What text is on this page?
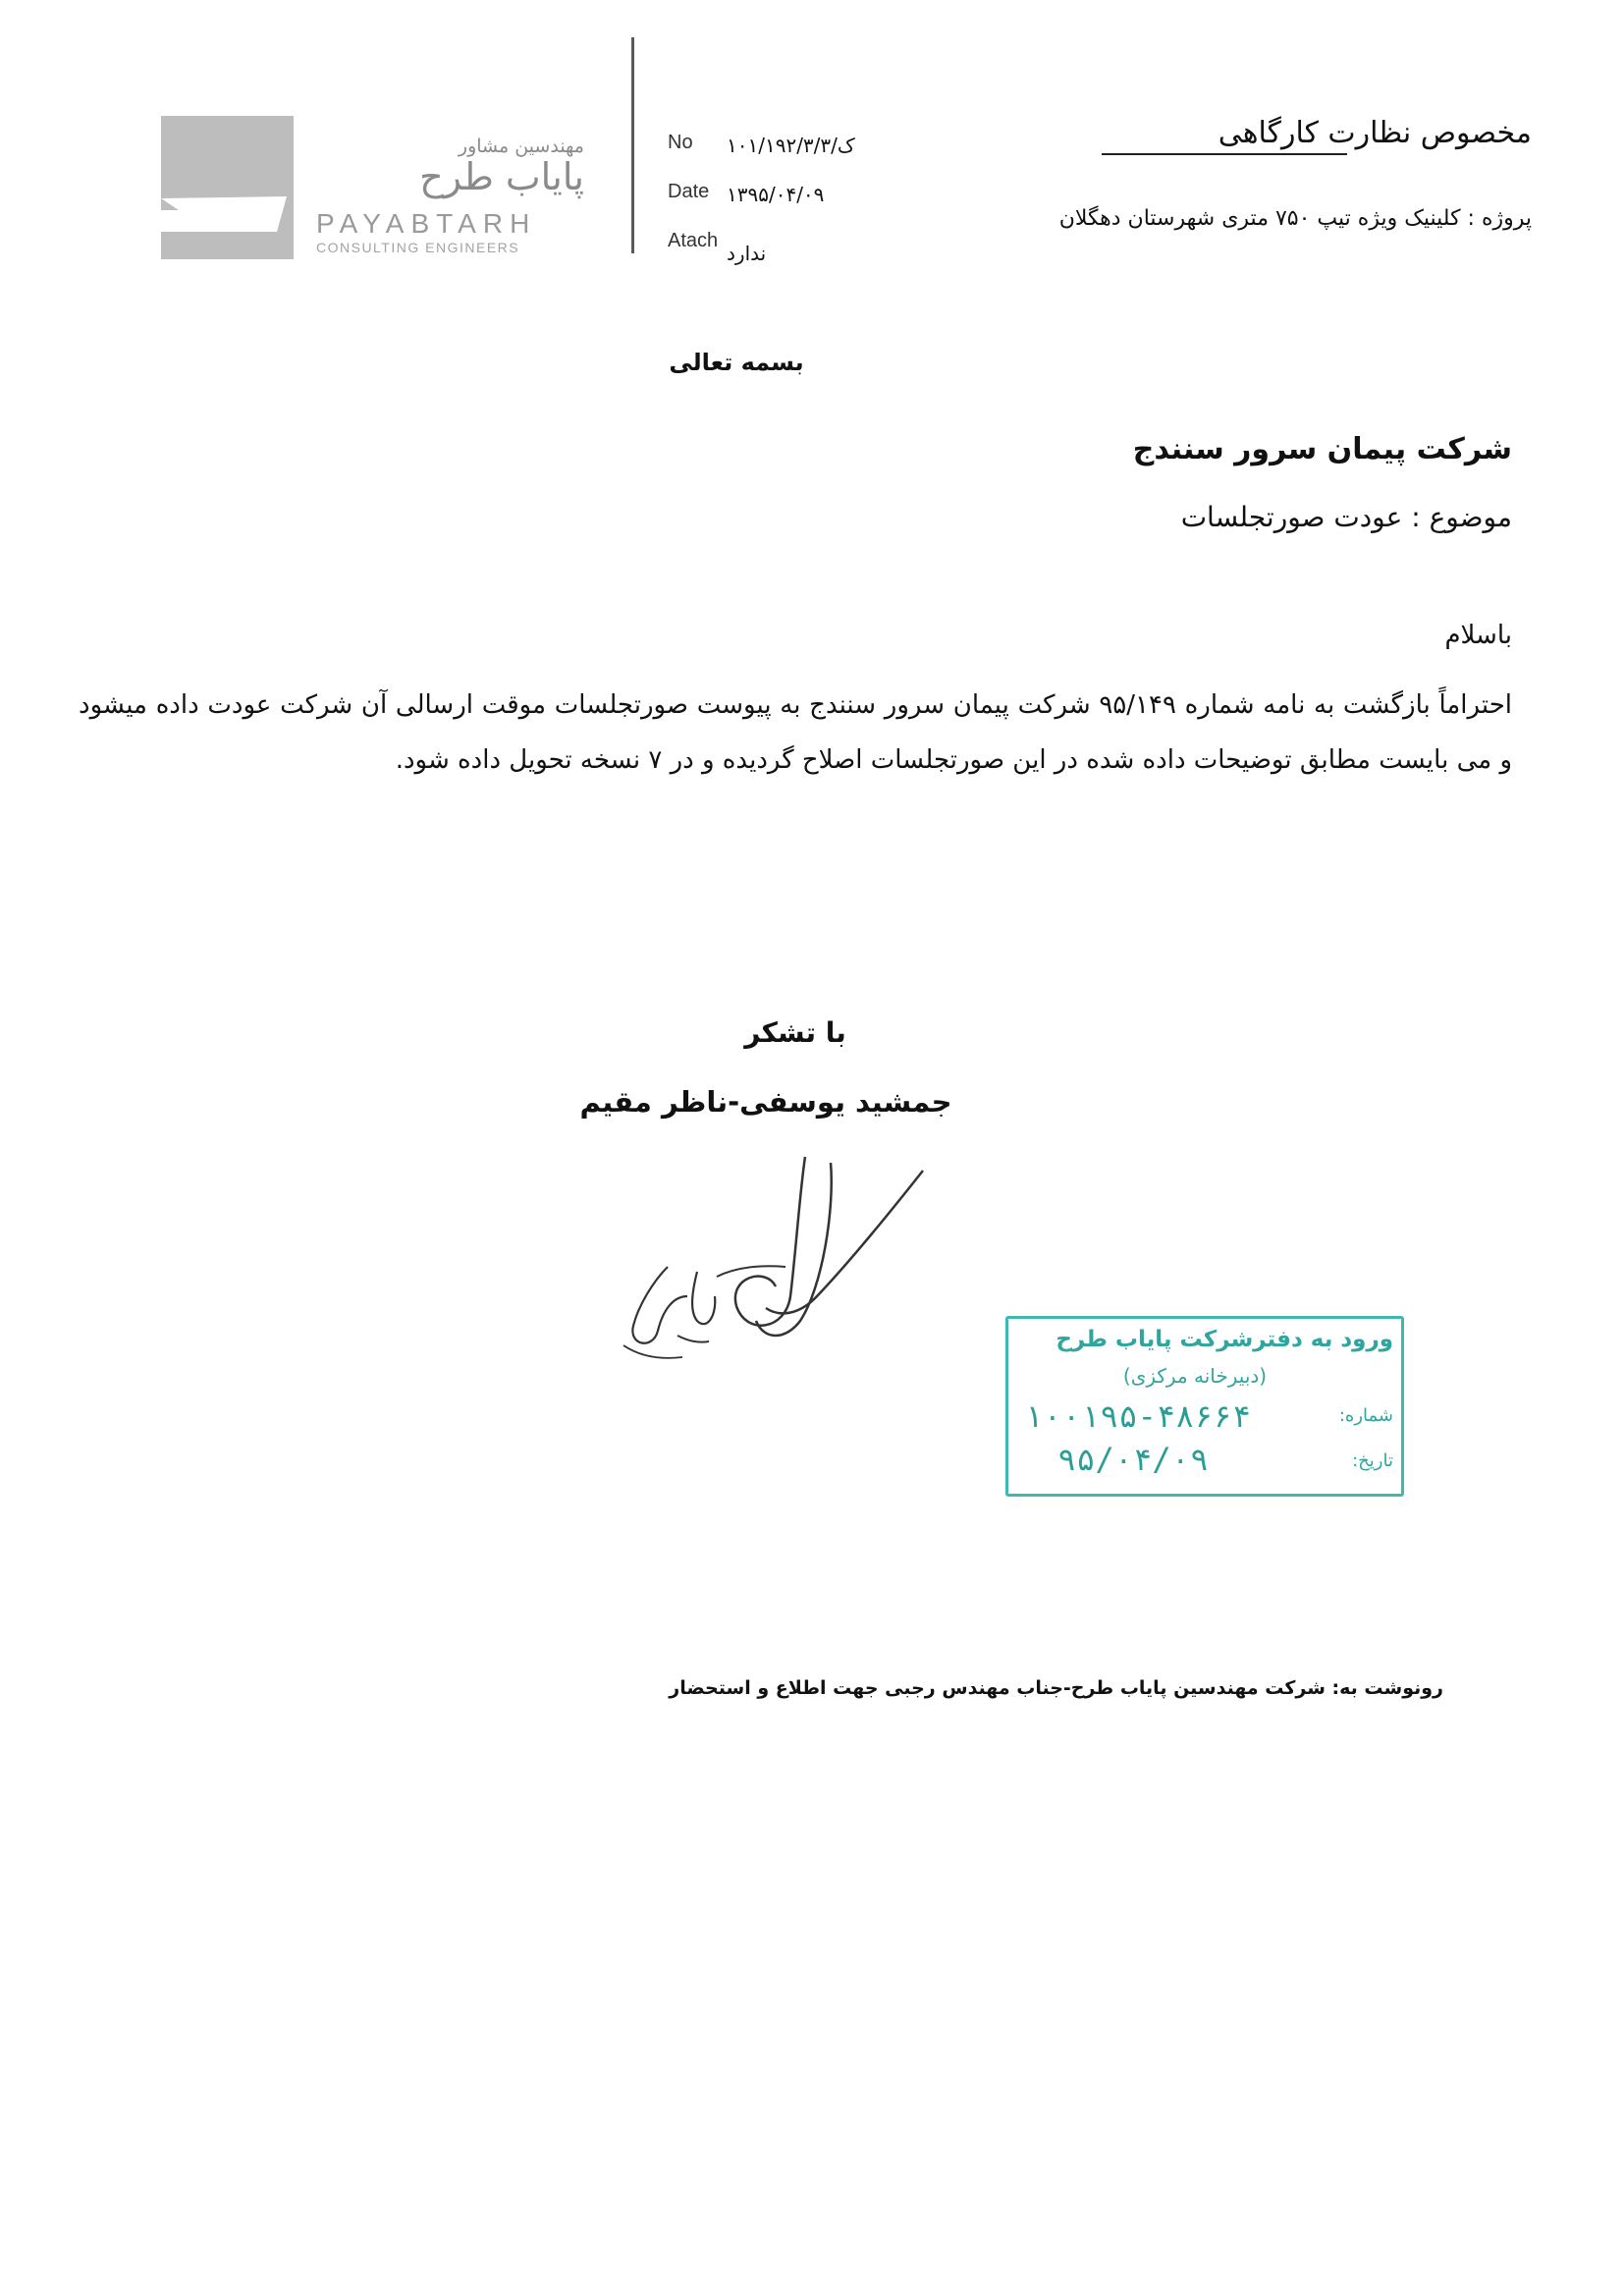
مهندسین مشاور
پایاب طرح
PAYABTARH
CONSULTING ENGINEERS
No ۱۰۱/ک/۱۹۲/۳/۳
Date ۱۳۹۵/۰۴/۰۹
Atach
ندارد
مخصوص نظارت کارگاهی
پروژه : کلینیک ویژه تیپ ۷۵۰ متری شهرستان دهگلان
بسمه تعالی
شرکت پیمان سرور سنندج
موضوع : عودت صورتجلسات
باسلام
احتراماً بازگشت به نامه شماره ۹۵/۱۴۹ شرکت پیمان سرور سنندج به پیوست صورتجلسات موقت ارسالی آن شرکت عودت داده میشود و می بایست مطابق توضیحات داده شده در این صورتجلسات اصلاح گردیده و در ۷ نسخه تحویل داده شود.
با تشکر
جمشید یوسفی-ناظر مقیم
ورود به دفترشرکت پایاب طرح
(دبیرخانه مرکزی)
شماره:
۱۰۰۱۹۵-۴۸۶۶۴
تاریخ:
۹۵/۰۴/۰۹
رونوشت به: شرکت مهندسین پایاب طرح-جناب مهندس رجبی جهت اطلاع و استحضار
